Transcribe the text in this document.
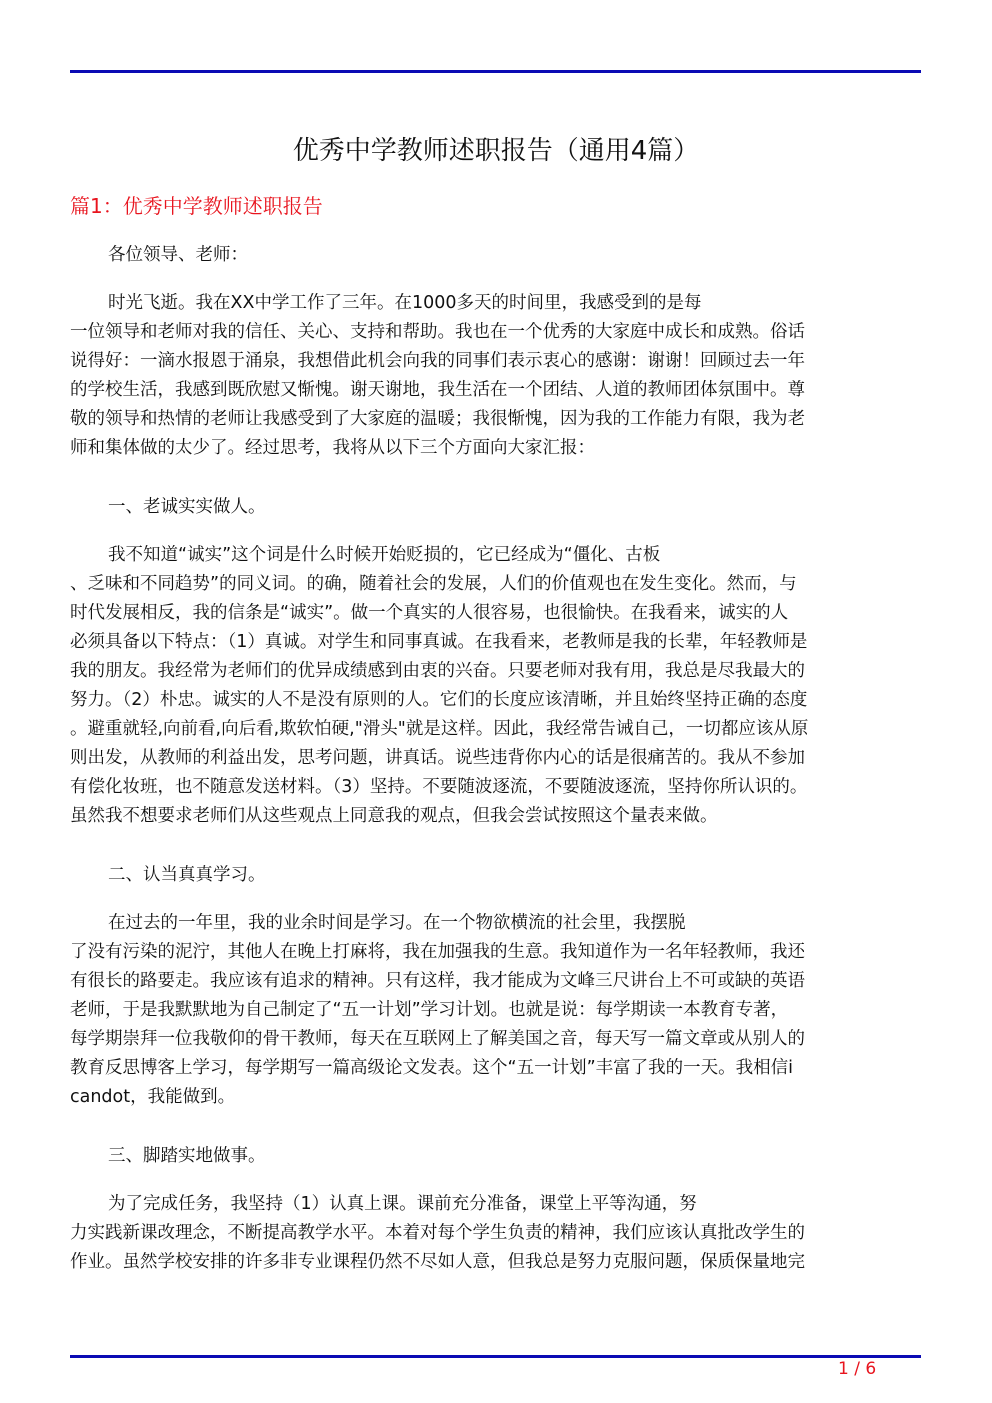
优秀中学教师述职报告（通用4篇）
篇1：优秀中学教师述职报告
各位领导、老师：
时光飞逝。我在XX中学工作了三年。在1000多天的时间里，我感受到的是每
一位领导和老师对我的信任、关心、支持和帮助。我也在一个优秀的大家庭中成长和成熟。俗话
说得好：一滴水报恩于涌泉，我想借此机会向我的同事们表示衷心的感谢：谢谢！回顾过去一年
的学校生活，我感到既欣慰又惭愧。谢天谢地，我生活在一个团结、人道的教师团体氛围中。尊
敬的领导和热情的老师让我感受到了大家庭的温暖；我很惭愧，因为我的工作能力有限，我为老
师和集体做的太少了。经过思考，我将从以下三个方面向大家汇报：
一、老诚实实做人。
我不知道“诚实”这个词是什么时候开始贬损的，它已经成为“僵化、古板
、乏味和不同趋势”的同义词。的确，随着社会的发展，人们的价值观也在发生变化。然而，与
时代发展相反，我的信条是“诚实”。做一个真实的人很容易，也很愉快。在我看来，诚实的人
必须具备以下特点：（1）真诚。对学生和同事真诚。在我看来，老教师是我的长辈，年轻教师是
我的朋友。我经常为老师们的优异成绩感到由衷的兴奋。只要老师对我有用，我总是尽我最大的
努力。（2）朴忠。诚实的人不是没有原则的人。它们的长度应该清晰，并且始终坚持正确的态度
。避重就轻,向前看,向后看,欺软怕硬,"滑头"就是这样。因此，我经常告诫自己，一切都应该从原
则出发，从教师的利益出发，思考问题，讲真话。说些违背你内心的话是很痛苦的。我从不参加
有偿化妆班，也不随意发送材料。（3）坚持。不要随波逐流，不要随波逐流，坚持你所认识的。
虽然我不想要求老师们从这些观点上同意我的观点，但我会尝试按照这个量表来做。
二、认当真真学习。
在过去的一年里，我的业余时间是学习。在一个物欲横流的社会里，我摆脱
了没有污染的泥泞，其他人在晚上打麻将，我在加强我的生意。我知道作为一名年轻教师，我还
有很长的路要走。我应该有追求的精神。只有这样，我才能成为文峰三尺讲台上不可或缺的英语
老师，于是我默默地为自己制定了“五一计划”学习计划。也就是说：每学期读一本教育专著，
每学期崇拜一位我敬仰的骨干教师，每天在互联网上了解美国之音，每天写一篇文章或从别人的
教育反思博客上学习，每学期写一篇高级论文发表。这个“五一计划”丰富了我的一天。我相信i
candot，我能做到。
三、脚踏实地做事。
为了完成任务，我坚持（1）认真上课。课前充分准备，课堂上平等沟通，努
力实践新课改理念，不断提高教学水平。本着对每个学生负责的精神，我们应该认真批改学生的
作业。虽然学校安排的许多非专业课程仍然不尽如人意，但我总是努力克服问题，保质保量地完
1 / 6
